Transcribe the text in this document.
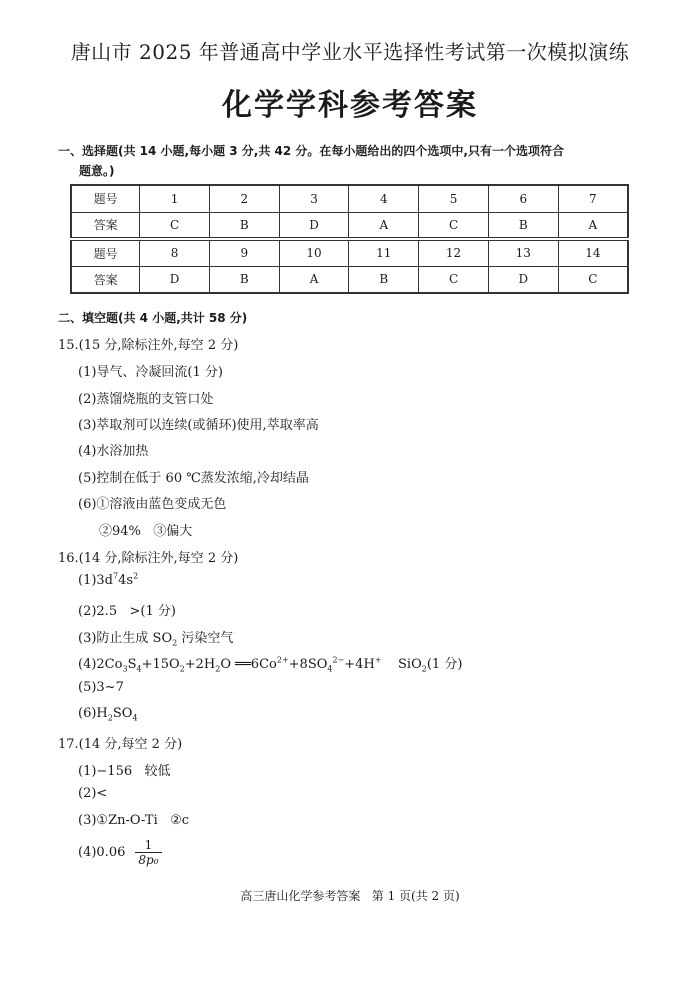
唐山市 2025 年普通高中学业水平选择性考试第一次模拟演练
化学学科参考答案
一、选择题(共 14 小题,每小题 3 分,共 42 分。在每小题给出的四个选项中,只有一个选项符合
题意。)
题号	1	2	3	4	5	6	7
答案	C	B	D	A	C	B	A
题号	8	9	10	11	12	13	14
答案	D	B	A	B	C	D	C
二、填空题(共 4 小题,共计 58 分)
15.(15 分,除标注外,每空 2 分)
(1)导气、冷凝回流(1 分)
(2)蒸馏烧瓶的支管口处
(3)萃取剂可以连续(或循环)使用,萃取率高
(4)水浴加热
(5)控制在低于 60 ℃蒸发浓缩,冷却结晶
(6)①溶液由蓝色变成无色
②94%   ③偏大
16.(14 分,除标注外,每空 2 分)
$(1)3d^74s^2$
(2)2.5   >(1 分)
(3)防止生成 $SO_2$ 污染空气
$(4)2Co_3S_4+15O_2+2H_2O$ $══6Co^{2+}+8SO_4^{2-}+4H^+$    SiO$_2$(1 分)
(5)3~7
$(6)H_2SO_4$
17.(14 分,每空 2 分)
(1)−156   较低
(2)<
(3)①Zn-O-Ti   ②c
$(4)0.06 \frac{1}{\text{8p₀}}$
高三唐山化学参考答案   第 1 页(共 2 页)
